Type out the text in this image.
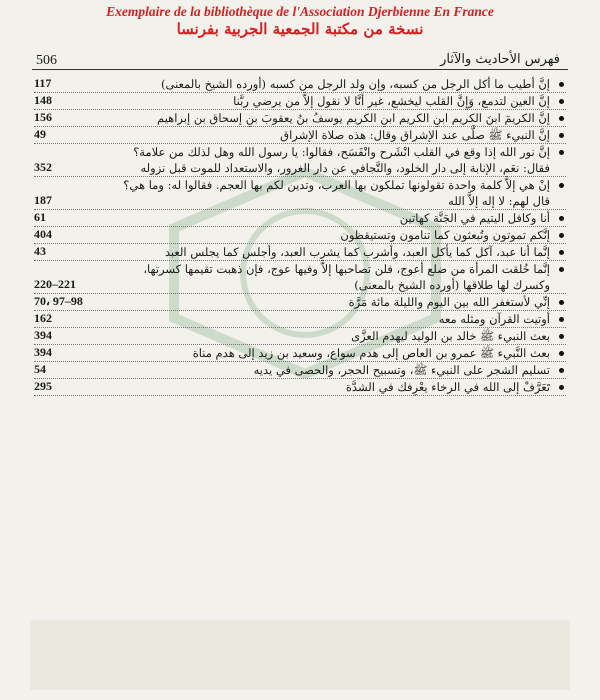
Exemplaire de la bibliothèque de l'Association Djerbienne En France
نسخة من مكتبة الجمعية الجربية بفرنسا
506	فهرس الأحاديث والآثار
إنَّ أطيب ما أكل الرجل من كسبه، وإن ولد الرجل من كسبه (أورده الشيخ بالمعنى)
117
إنَّ العين لتدمع، وَإِنَّ القلب ليخشع، غير أنَّا لا نقول إلاَّ من يرضي ربَّنا
148
إنَّ الكريمَ ابنَ الكريم ابنِ الكريم ابنِ الكريم يوسفُ بنُ يعقوبَ بنِ إسحاق بن إبراهيم
156
إنَّ النبيء ﷺ صلَّى عند الإشراق وقال: هذه صلاة الإشراق
49
إنَّ نور الله إذا وقع في القلب انْشَرح وانْفَسَح، فقالوا: يا رسول الله وهل لذلك من علامة؟ فقال: نعَم، الإنابة إلى دار الخلود، والتَّجافي عن دار الغرور، والاستعداد للموت قبل نزوله
352
إنْ هي إلاَّ كلمة واحدة تقولونها تملكون بها العرب، وتدين لكم بها العجم. فقالوا له: وما هي؟ قال لهم: لا إله إلاَّ الله
187
أنا وكافل اليتيم في الجَنَّة كهاتين
61
إنَّكم تموتون وتُبعثون كما تنامون وتستيقظون
404
إنَّما أنا عبد، آكل كما يأكل العبد، وأشرب كما يشرب العبد، وأجلس كما يجلس العبد
43
إنَّما خُلقت المرأة من ضلع أعوج، فلن تصاحبها إلاَّ وفيها عوج، فإن ذهبت تقيمها كسرتها، وكسرك لها طلاقها (أورده الشيخ بالمعنى)
220–221
إنِّي لأستغفر الله بين اليوم والليلة مائة مَرَّة
70، 97–98
أوتيت القرآن ومثله معه
162
بعث النبيء ﷺ خالد بن الوليد ليهدم العزَّى
394
بعث النَّبيء ﷺ عمرو بن العاص إلى هدم سواع، وسعيد بن زيد إلى هدم مناة
394
تسليم الشجر على النبيء ﷺ، وتسبيح الحجر، والحصى في يديه
54
تَعَرَّفْ إلى الله في الرخاء يعْرِفك في الشدَّة
295
